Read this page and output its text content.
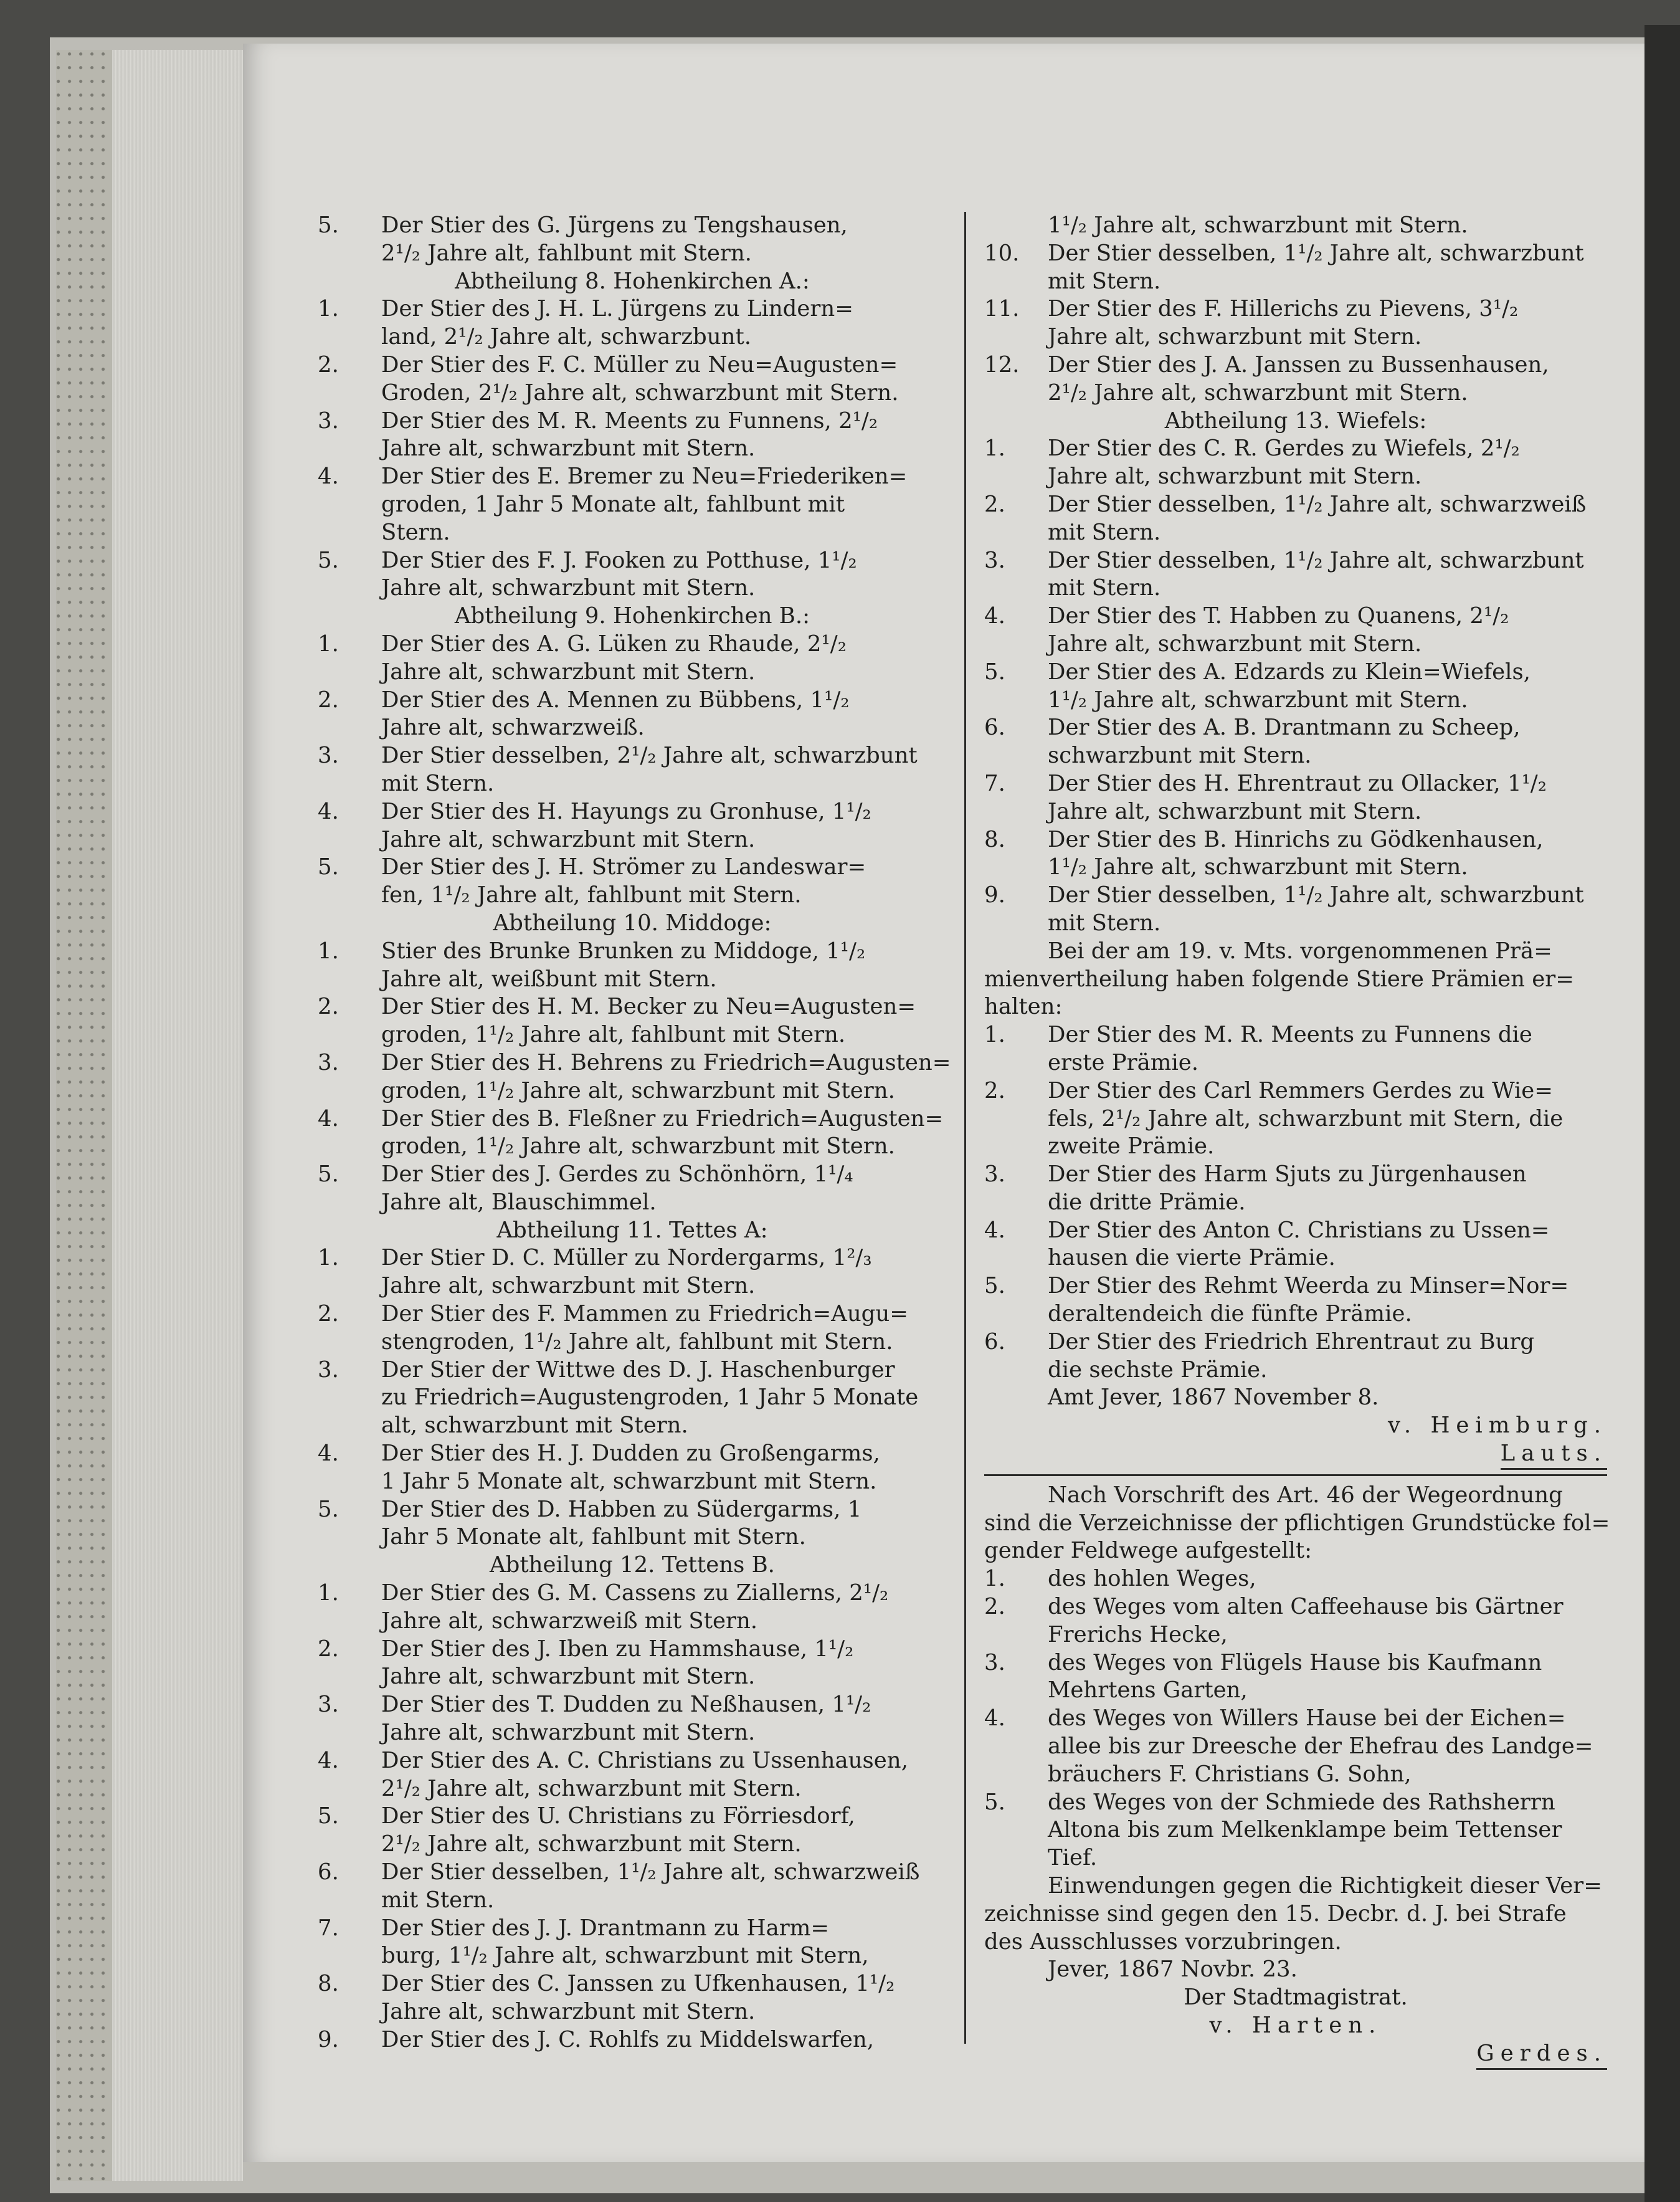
5.	Der Stier des G. Jürgens zu Tengshausen,
2¹/₂ Jahre alt, fahlbunt mit Stern.
Abtheilung 8. Hohenkirchen A.:
1.	Der Stier des J. H. L. Jürgens zu Lindern=
land, 2¹/₂ Jahre alt, schwarzbunt.
2.	Der Stier des F. C. Müller zu Neu=Augusten=
Groden, 2¹/₂ Jahre alt, schwarzbunt mit Stern.
3.	Der Stier des M. R. Meents zu Funnens, 2¹/₂
Jahre alt, schwarzbunt mit Stern.
4.	Der Stier des E. Bremer zu Neu=Friederiken=
groden, 1 Jahr 5 Monate alt, fahlbunt mit
Stern.
5.	Der Stier des F. J. Fooken zu Potthuse, 1¹/₂
Jahre alt, schwarzbunt mit Stern.
Abtheilung 9. Hohenkirchen B.:
1.	Der Stier des A. G. Lüken zu Rhaude, 2¹/₂
Jahre alt, schwarzbunt mit Stern.
2.	Der Stier des A. Mennen zu Bübbens, 1¹/₂
Jahre alt, schwarzweiß.
3.	Der Stier desselben, 2¹/₂ Jahre alt, schwarzbunt
mit Stern.
4.	Der Stier des H. Hayungs zu Gronhuse, 1¹/₂
Jahre alt, schwarzbunt mit Stern.
5.	Der Stier des J. H. Strömer zu Landeswar=
fen, 1¹/₂ Jahre alt, fahlbunt mit Stern.
Abtheilung 10. Middoge:
1.	Stier des Brunke Brunken zu Middoge, 1¹/₂
Jahre alt, weißbunt mit Stern.
2.	Der Stier des H. M. Becker zu Neu=Augusten=
groden, 1¹/₂ Jahre alt, fahlbunt mit Stern.
3.	Der Stier des H. Behrens zu Friedrich=Augusten=
groden, 1¹/₂ Jahre alt, schwarzbunt mit Stern.
4.	Der Stier des B. Fleßner zu Friedrich=Augusten=
groden, 1¹/₂ Jahre alt, schwarzbunt mit Stern.
5.	Der Stier des J. Gerdes zu Schönhörn, 1¹/₄
Jahre alt, Blauschimmel.
Abtheilung 11. Tettes A:
1.	Der Stier D. C. Müller zu Nordergarms, 1²/₃
Jahre alt, schwarzbunt mit Stern.
2.	Der Stier des F. Mammen zu Friedrich=Augu=
stengroden, 1¹/₂ Jahre alt, fahlbunt mit Stern.
3.	Der Stier der Wittwe des D. J. Haschenburger
zu Friedrich=Augustengroden, 1 Jahr 5 Monate
alt, schwarzbunt mit Stern.
4.	Der Stier des H. J. Dudden zu Großengarms,
1 Jahr 5 Monate alt, schwarzbunt mit Stern.
5.	Der Stier des D. Habben zu Südergarms, 1
Jahr 5 Monate alt, fahlbunt mit Stern.
Abtheilung 12. Tettens B.
1.	Der Stier des G. M. Cassens zu Ziallerns, 2¹/₂
Jahre alt, schwarzweiß mit Stern.
2.	Der Stier des J. Iben zu Hammshause, 1¹/₂
Jahre alt, schwarzbunt mit Stern.
3.	Der Stier des T. Dudden zu Neßhausen, 1¹/₂
Jahre alt, schwarzbunt mit Stern.
4.	Der Stier des A. C. Christians zu Ussenhausen,
2¹/₂ Jahre alt, schwarzbunt mit Stern.
5.	Der Stier des U. Christians zu Förriesdorf,
2¹/₂ Jahre alt, schwarzbunt mit Stern.
6.	Der Stier desselben, 1¹/₂ Jahre alt, schwarzweiß
mit Stern.
7.	Der Stier des J. J. Drantmann zu Harm=
burg, 1¹/₂ Jahre alt, schwarzbunt mit Stern,
8.	Der Stier des C. Janssen zu Ufkenhausen, 1¹/₂
Jahre alt, schwarzbunt mit Stern.
9.	Der Stier des J. C. Rohlfs zu Middelswarfen,
1¹/₂ Jahre alt, schwarzbunt mit Stern.
10.	Der Stier desselben, 1¹/₂ Jahre alt, schwarzbunt
mit Stern.
11.	Der Stier des F. Hillerichs zu Pievens, 3¹/₂
Jahre alt, schwarzbunt mit Stern.
12.	Der Stier des J. A. Janssen zu Bussenhausen,
2¹/₂ Jahre alt, schwarzbunt mit Stern.
Abtheilung 13. Wiefels:
1.	Der Stier des C. R. Gerdes zu Wiefels, 2¹/₂
Jahre alt, schwarzbunt mit Stern.
2.	Der Stier desselben, 1¹/₂ Jahre alt, schwarzweiß
mit Stern.
3.	Der Stier desselben, 1¹/₂ Jahre alt, schwarzbunt
mit Stern.
4.	Der Stier des T. Habben zu Quanens, 2¹/₂
Jahre alt, schwarzbunt mit Stern.
5.	Der Stier des A. Edzards zu Klein=Wiefels,
1¹/₂ Jahre alt, schwarzbunt mit Stern.
6.	Der Stier des A. B. Drantmann zu Scheep,
schwarzbunt mit Stern.
7.	Der Stier des H. Ehrentraut zu Ollacker, 1¹/₂
Jahre alt, schwarzbunt mit Stern.
8.	Der Stier des B. Hinrichs zu Gödkenhausen,
1¹/₂ Jahre alt, schwarzbunt mit Stern.
9.	Der Stier desselben, 1¹/₂ Jahre alt, schwarzbunt
mit Stern.
Bei der am 19. v. Mts. vorgenommenen Prä=
mienvertheilung haben folgende Stiere Prämien er=
halten:
1.	Der Stier des M. R. Meents zu Funnens die
erste Prämie.
2.	Der Stier des Carl Remmers Gerdes zu Wie=
fels, 2¹/₂ Jahre alt, schwarzbunt mit Stern, die
zweite Prämie.
3.	Der Stier des Harm Sjuts zu Jürgenhausen
die dritte Prämie.
4.	Der Stier des Anton C. Christians zu Ussen=
hausen die vierte Prämie.
5.	Der Stier des Rehmt Weerda zu Minser=Nor=
deraltendeich die fünfte Prämie.
6.	Der Stier des Friedrich Ehrentraut zu Burg
die sechste Prämie.
Amt Jever, 1867 November 8.
v. Heimburg.
Lauts.
Nach Vorschrift des Art. 46 der Wegeordnung
sind die Verzeichnisse der pflichtigen Grundstücke fol=
gender Feldwege aufgestellt:
1.	des hohlen Weges,
2.	des Weges vom alten Caffeehause bis Gärtner
Frerichs Hecke,
3.	des Weges von Flügels Hause bis Kaufmann
Mehrtens Garten,
4.	des Weges von Willers Hause bei der Eichen=
allee bis zur Dreesche der Ehefrau des Landge=
bräuchers F. Christians G. Sohn,
5.	des Weges von der Schmiede des Rathsherrn
Altona bis zum Melkenklampe beim Tettenser
Tief.
Einwendungen gegen die Richtigkeit dieser Ver=
zeichnisse sind gegen den 15. Decbr. d. J. bei Strafe
des Ausschlusses vorzubringen.
Jever, 1867 Novbr. 23.
Der Stadtmagistrat.
v. Harten.
Gerdes.
